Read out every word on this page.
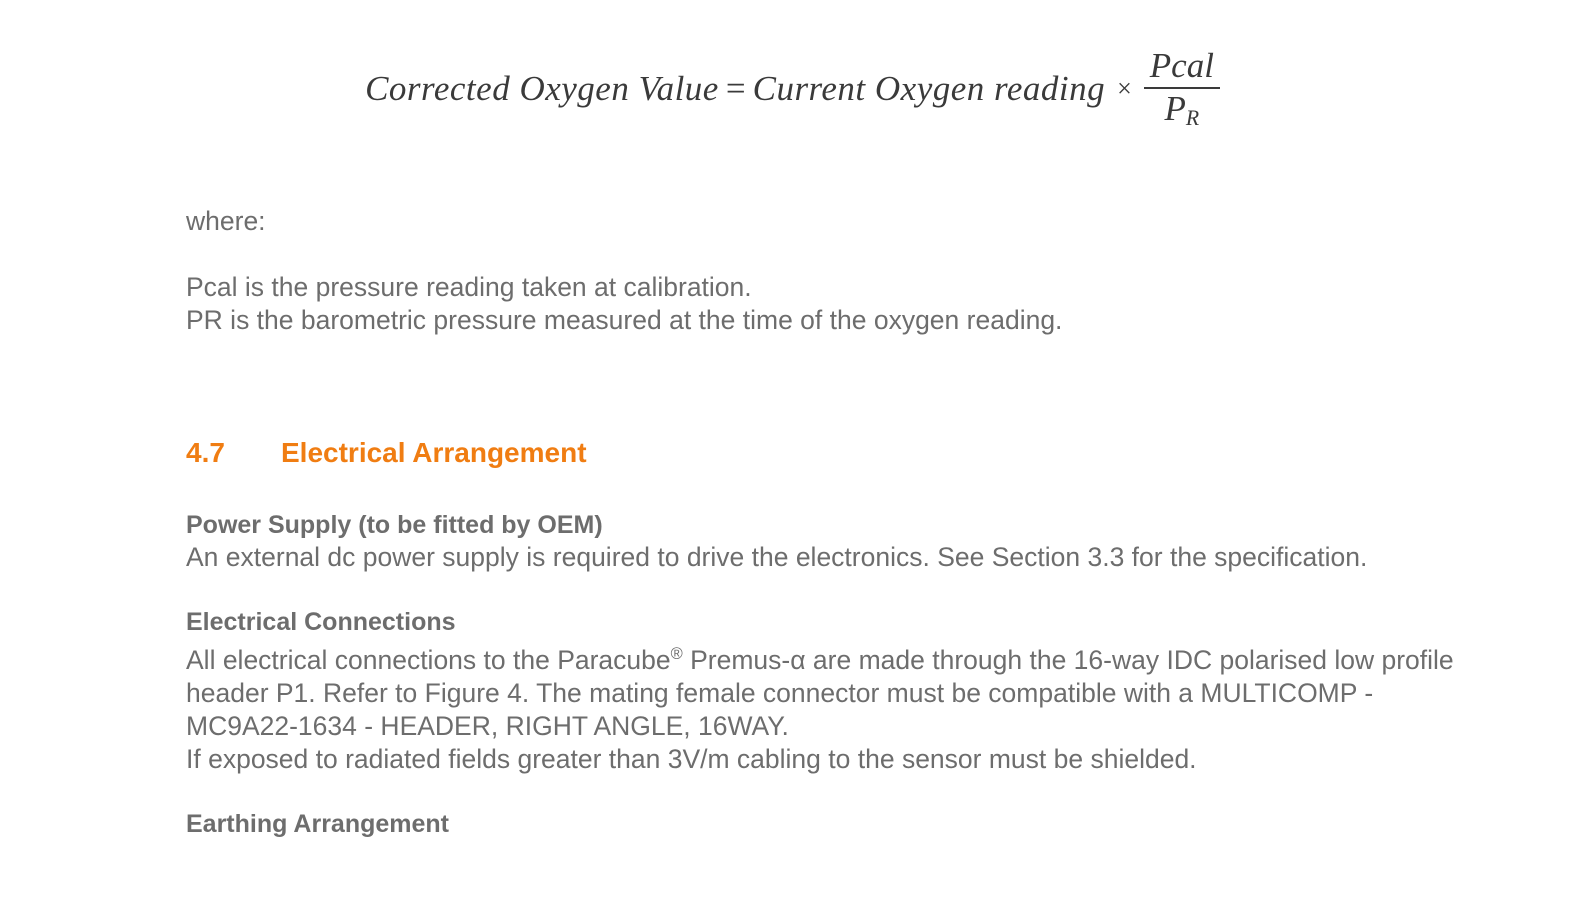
Corrected Oxygen Value = Current Oxygen reading × $\frac{\text{Pcal}}{P_R}$

where:

Pcal is the pressure reading taken at calibration.

PR is the barometric pressure measured at the time of the oxygen reading.

4.7	Electrical Arrangement
Power Supply (to be fitted by OEM)

An external dc power supply is required to drive the electronics. See Section 3.3 for the specification.

Electrical Connections

All electrical connections to the Paracube® Premus-α are made through the 16-way IDC polarised low profile header P1. Refer to Figure 4. The mating female connector must be compatible with a MULTICOMP - MC9A22-1634 - HEADER, RIGHT ANGLE, 16WAY.

If exposed to radiated fields greater than 3V/m cabling to the sensor must be shielded.

Earthing Arrangement
